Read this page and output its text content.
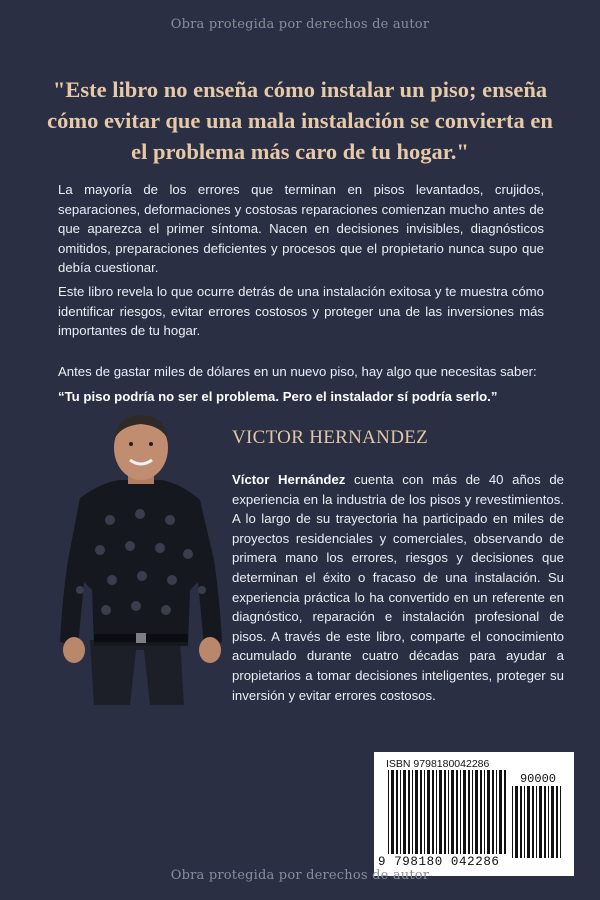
Obra protegida por derechos de autor
"Este libro no enseña cómo instalar un piso; enseña cómo evitar que una mala instalación se convierta en el problema más caro de tu hogar."
La mayoría de los errores que terminan en pisos levantados, crujidos, separaciones, deformaciones y costosas reparaciones comienzan mucho antes de que aparezca el primer síntoma. Nacen en decisiones invisibles, diagnósticos omitidos, preparaciones deficientes y procesos que el propietario nunca supo que debía cuestionar.
Este libro revela lo que ocurre detrás de una instalación exitosa y te muestra cómo identificar riesgos, evitar errores costosos y proteger una de las inversiones más importantes de tu hogar.
Antes de gastar miles de dólares en un nuevo piso, hay algo que necesitas saber:
“Tu piso podría no ser el problema. Pero el instalador sí podría serlo.”
VICTOR HERNANDEZ
Víctor Hernández cuenta con más de 40 años de experiencia en la industria de los pisos y revestimientos. A lo largo de su trayectoria ha participado en miles de proyectos residenciales y comerciales, observando de primera mano los errores, riesgos y decisiones que determinan el éxito o fracaso de una instalación. Su experiencia práctica lo ha convertido en un referente en diagnóstico, reparación e instalación profesional de pisos. A través de este libro, comparte el conocimiento acumulado durante cuatro décadas para ayudar a propietarios a tomar decisiones inteligentes, proteger su inversión y evitar errores costosos.
ISBN 9798180042286
90000
9 798180 042286
Obra protegida por derechos de autor
